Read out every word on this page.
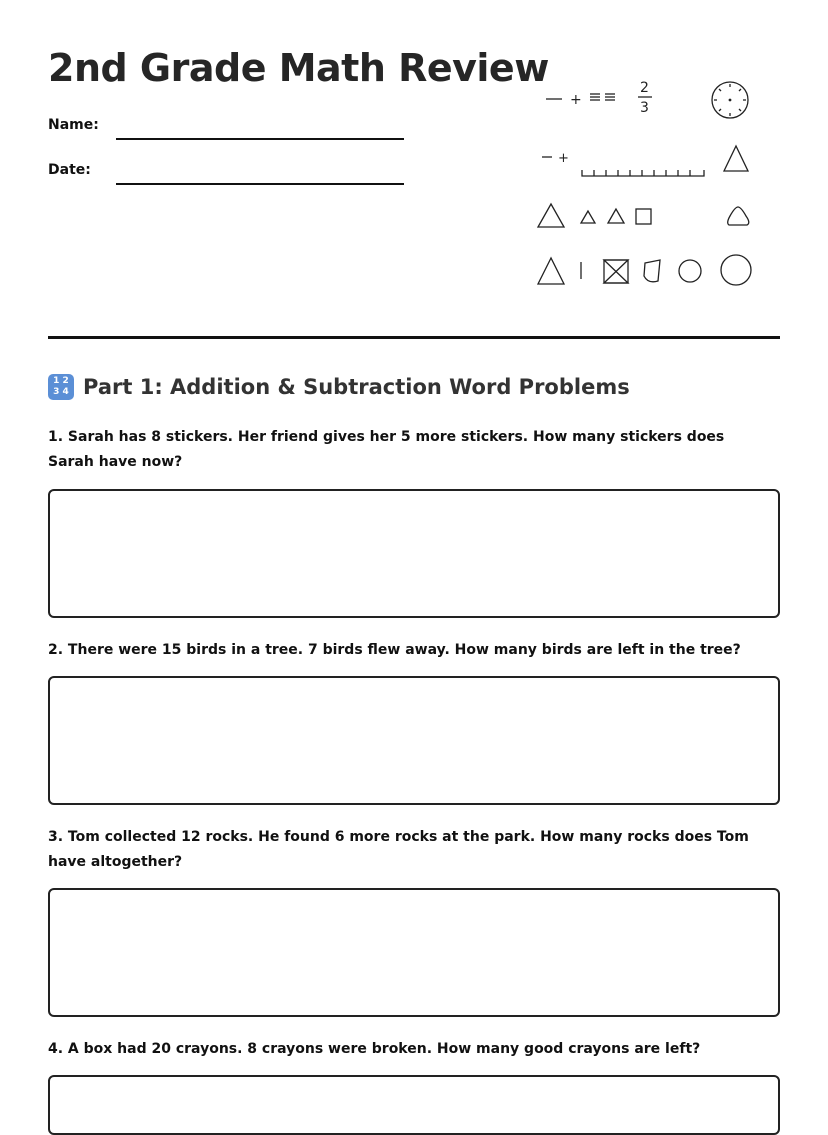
2nd Grade Math Review
Name:
Date:
+
2
3
+
1 2
3 4 Part 1: Addition & Subtraction Word Problems

1. Sarah has 8 stickers. Her friend gives her 5 more stickers. How many stickers does Sarah have now?

2. There were 15 birds in a tree. 7 birds flew away. How many birds are left in the tree?

3. Tom collected 12 rocks. He found 6 more rocks at the park. How many rocks does Tom have altogether?

4. A box had 20 crayons. 8 crayons were broken. How many good crayons are left?
